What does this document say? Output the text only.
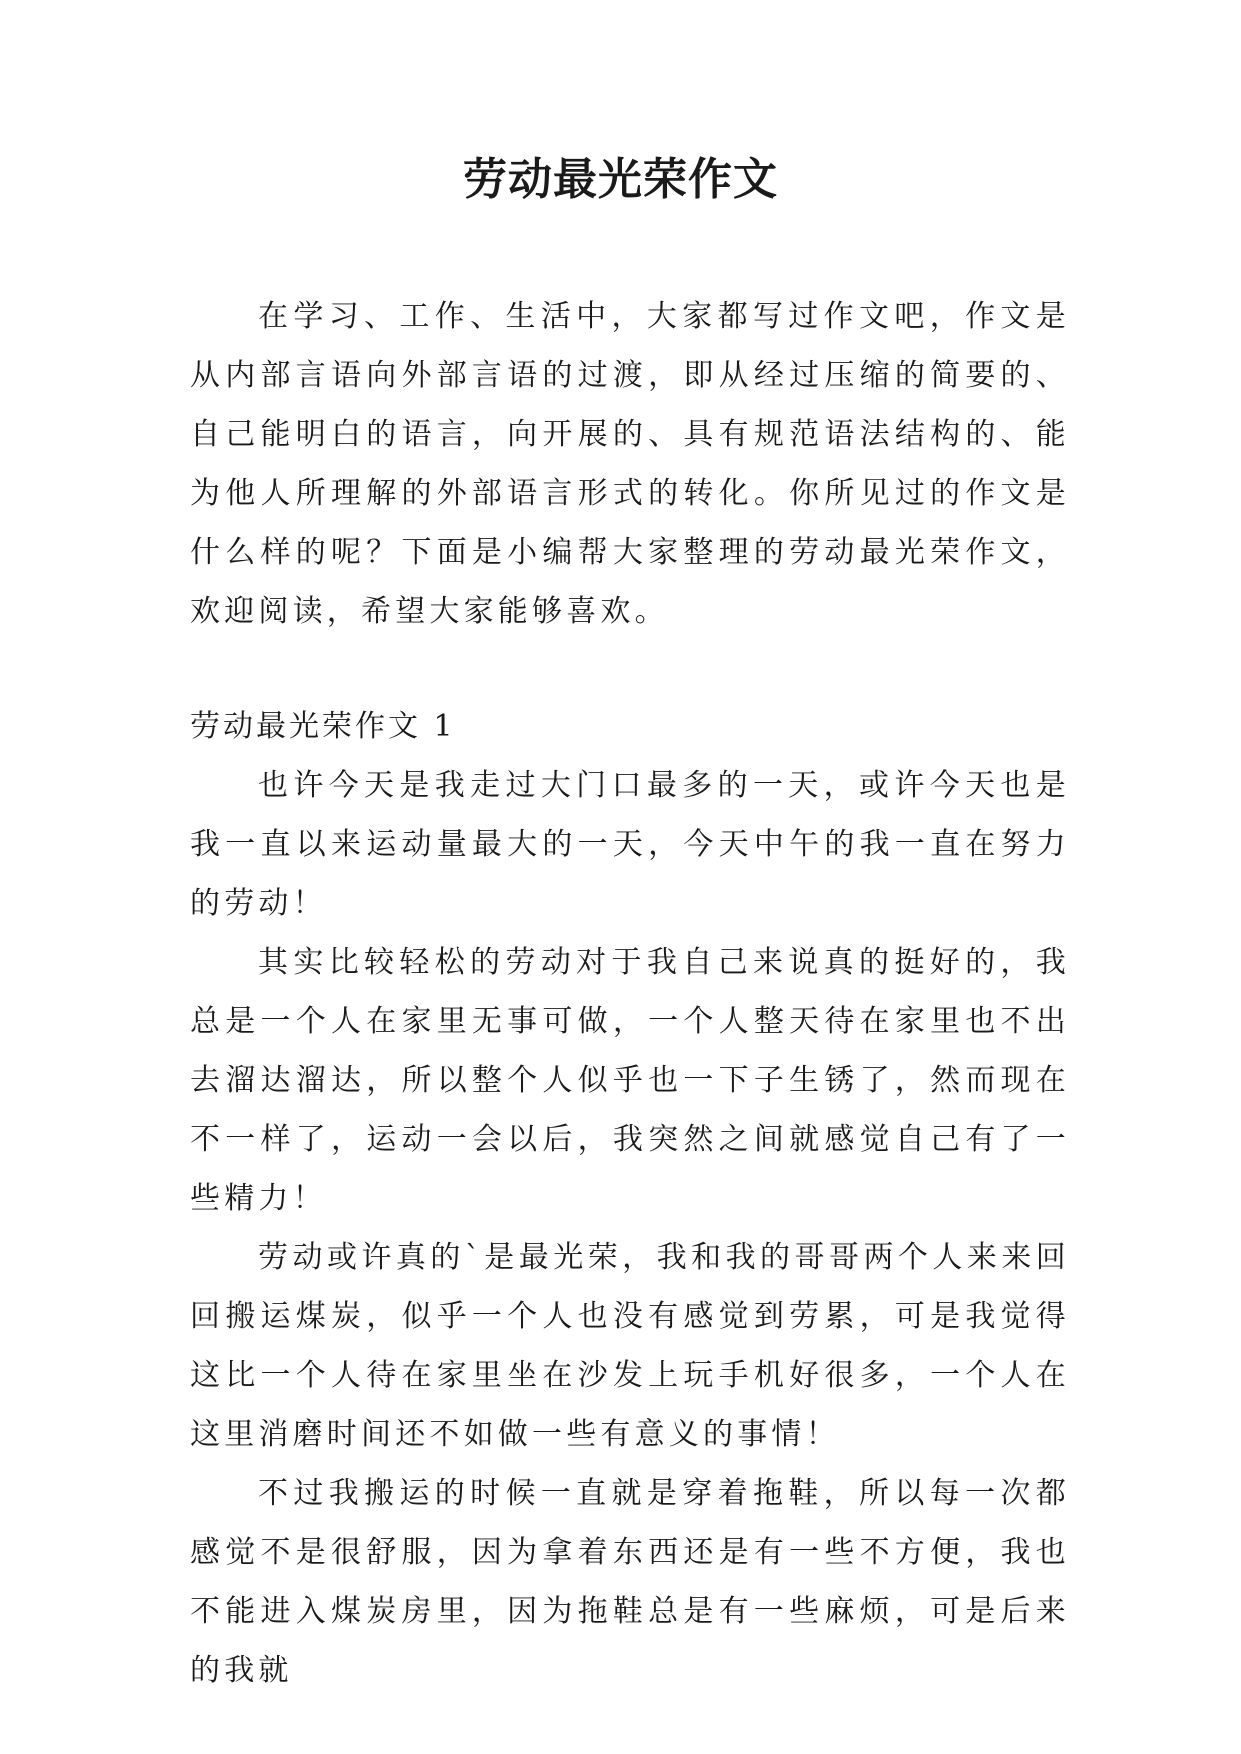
劳动最光荣作文

在学习、工作、生活中，大家都写过作文吧，作文是从内部言语向外部言语的过渡，即从经过压缩的简要的、自己能明白的语言，向开展的、具有规范语法结构的、能为他人所理解的外部语言形式的转化。你所见过的作文是什么样的呢？下面是小编帮大家整理的劳动最光荣作文，欢迎阅读，希望大家能够喜欢。

劳动最光荣作文 1

也许今天是我走过大门口最多的一天，或许今天也是我一直以来运动量最大的一天，今天中午的我一直在努力的劳动！

其实比较轻松的劳动对于我自己来说真的挺好的，我总是一个人在家里无事可做，一个人整天待在家里也不出去溜达溜达，所以整个人似乎也一下子生锈了，然而现在不一样了，运动一会以后，我突然之间就感觉自己有了一些精力！

劳动或许真的`是最光荣，我和我的哥哥两个人来来回回搬运煤炭，似乎一个人也没有感觉到劳累，可是我觉得这比一个人待在家里坐在沙发上玩手机好很多，一个人在这里消磨时间还不如做一些有意义的事情！

不过我搬运的时候一直就是穿着拖鞋，所以每一次都感觉不是很舒服，因为拿着东西还是有一些不方便，我也不能进入煤炭房里，因为拖鞋总是有一些麻烦，可是后来的我就
